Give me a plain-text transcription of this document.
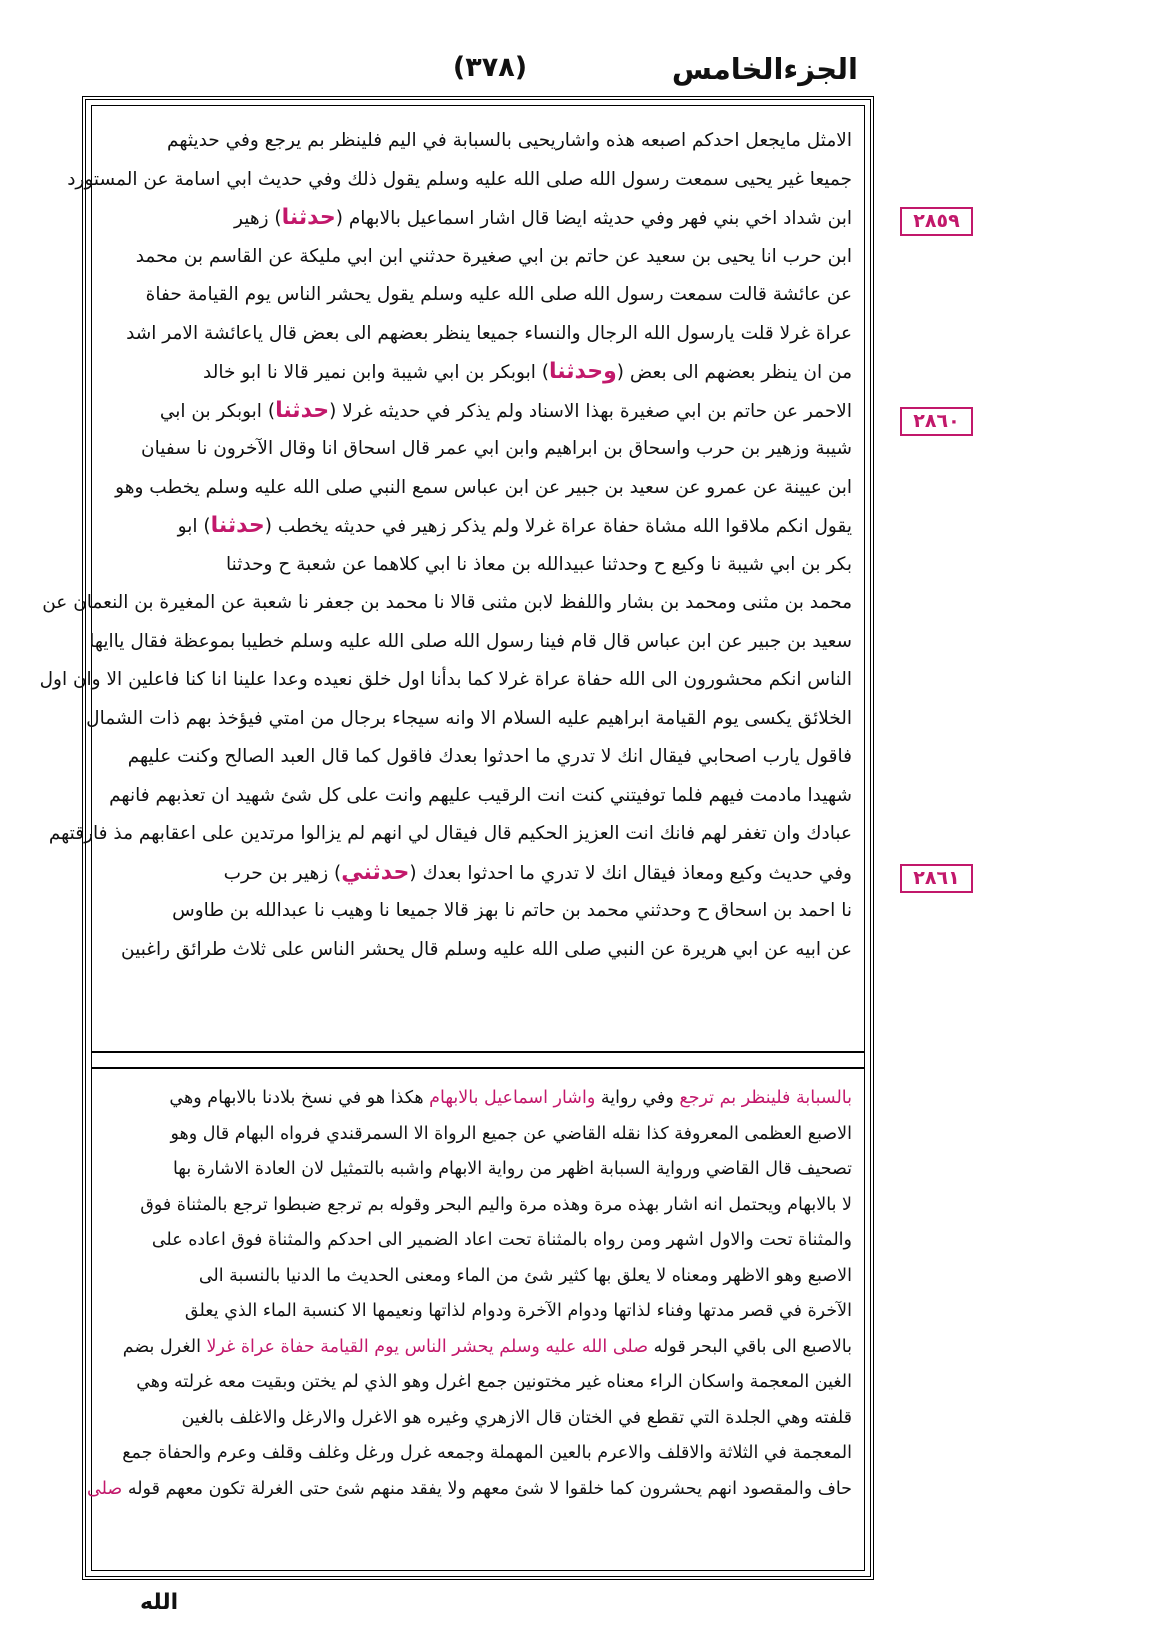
(٣٧٨)	الجزءالخامس
الامثل مايجعل احدكم اصبعه هذه واشاريحيى بالسبابة في اليم فلينظر بم يرجع وفي حديثهم
جميعا غير يحيى سمعت رسول الله صلى الله عليه وسلم يقول ذلك وفي حديث ابي اسامة عن المستورد
ابن شداد اخي بني فهر وفي حديثه ايضا قال اشار اسماعيل بالابهام (حدثنا) زهير
ابن حرب انا يحيى بن سعيد عن حاتم بن ابي صغيرة حدثني ابن ابي مليكة عن القاسم بن محمد
عن عائشة قالت سمعت رسول الله صلى الله عليه وسلم يقول يحشر الناس يوم القيامة حفاة
عراة غرلا قلت يارسول الله الرجال والنساء جميعا ينظر بعضهم الى بعض قال ياعائشة الامر اشد
من ان ينظر بعضهم الى بعض (وحدثنا) ابوبكر بن ابي شيبة وابن نمير قالا نا ابو خالد
الاحمر عن حاتم بن ابي صغيرة بهذا الاسناد ولم يذكر في حديثه غرلا (حدثنا) ابوبكر بن ابي
شيبة وزهير بن حرب واسحاق بن ابراهيم وابن ابي عمر قال اسحاق انا وقال الآخرون نا سفيان
ابن عيينة عن عمرو عن سعيد بن جبير عن ابن عباس سمع النبي صلى الله عليه وسلم يخطب وهو
يقول انكم ملاقوا الله مشاة حفاة عراة غرلا ولم يذكر زهير في حديثه يخطب (حدثنا) ابو
بكر بن ابي شيبة نا وكيع ح وحدثنا عبيدالله بن معاذ نا ابي كلاهما عن شعبة ح وحدثنا
محمد بن مثنى ومحمد بن بشار واللفظ لابن مثنى قالا نا محمد بن جعفر نا شعبة عن المغيرة بن النعمان عن
سعيد بن جبير عن ابن عباس قال قام فينا رسول الله صلى الله عليه وسلم خطيبا بموعظة فقال ياايها
الناس انكم محشورون الى الله حفاة عراة غرلا كما بدأنا اول خلق نعيده وعدا علينا انا كنا فاعلين الا وان اول
الخلائق يكسى يوم القيامة ابراهيم عليه السلام الا وانه سيجاء برجال من امتي فيؤخذ بهم ذات الشمال
فاقول يارب اصحابي فيقال انك لا تدري ما احدثوا بعدك فاقول كما قال العبد الصالح وكنت عليهم
شهيدا مادمت فيهم فلما توفيتني كنت انت الرقيب عليهم وانت على كل شئ شهيد ان تعذبهم فانهم
عبادك وان تغفر لهم فانك انت العزيز الحكيم قال فيقال لي انهم لم يزالوا مرتدين على اعقابهم مذ فارقتهم
وفي حديث وكيع ومعاذ فيقال انك لا تدري ما احدثوا بعدك (حدثني) زهير بن حرب
نا احمد بن اسحاق ح وحدثني محمد بن حاتم نا بهز قالا جميعا نا وهيب نا عبدالله بن طاوس
عن ابيه عن ابي هريرة عن النبي صلى الله عليه وسلم قال يحشر الناس على ثلاث طرائق راغبين
بالسبابة فلينظر بم ترجع وفي رواية واشار اسماعيل بالابهام هكذا هو في نسخ بلادنا بالابهام وهي
الاصبع العظمى المعروفة كذا نقله القاضي عن جميع الرواة الا السمرقندي فرواه البهام قال وهو
تصحيف قال القاضي ورواية السبابة اظهر من رواية الابهام واشبه بالتمثيل لان العادة الاشارة بها
لا بالابهام ويحتمل انه اشار بهذه مرة وهذه مرة واليم البحر وقوله بم ترجع ضبطوا ترجع بالمثناة فوق
والمثناة تحت والاول اشهر ومن رواه بالمثناة تحت اعاد الضمير الى احدكم والمثناة فوق اعاده على
الاصبع وهو الاظهر ومعناه لا يعلق بها كثير شئ من الماء ومعنى الحديث ما الدنيا بالنسبة الى
الآخرة في قصر مدتها وفناء لذاتها ودوام الآخرة ودوام لذاتها ونعيمها الا كنسبة الماء الذي يعلق
بالاصبع الى باقي البحر قوله صلى الله عليه وسلم يحشر الناس يوم القيامة حفاة عراة غرلا الغرل بضم
الغين المعجمة واسكان الراء معناه غير مختونين جمع اغرل وهو الذي لم يختن وبقيت معه غرلته وهي
قلفته وهي الجلدة التي تقطع في الختان قال الازهري وغيره هو الاغرل والارغل والاغلف بالغين
المعجمة في الثلاثة والاقلف والاعرم بالعين المهملة وجمعه غرل ورغل وغلف وقلف وعرم والحفاة جمع
حاف والمقصود انهم يحشرون كما خلقوا لا شئ معهم ولا يفقد منهم شئ حتى الغرلة تكون معهم قوله صلى
٢٨٥٩
٢٨٦٠
٢٨٦١
الله
